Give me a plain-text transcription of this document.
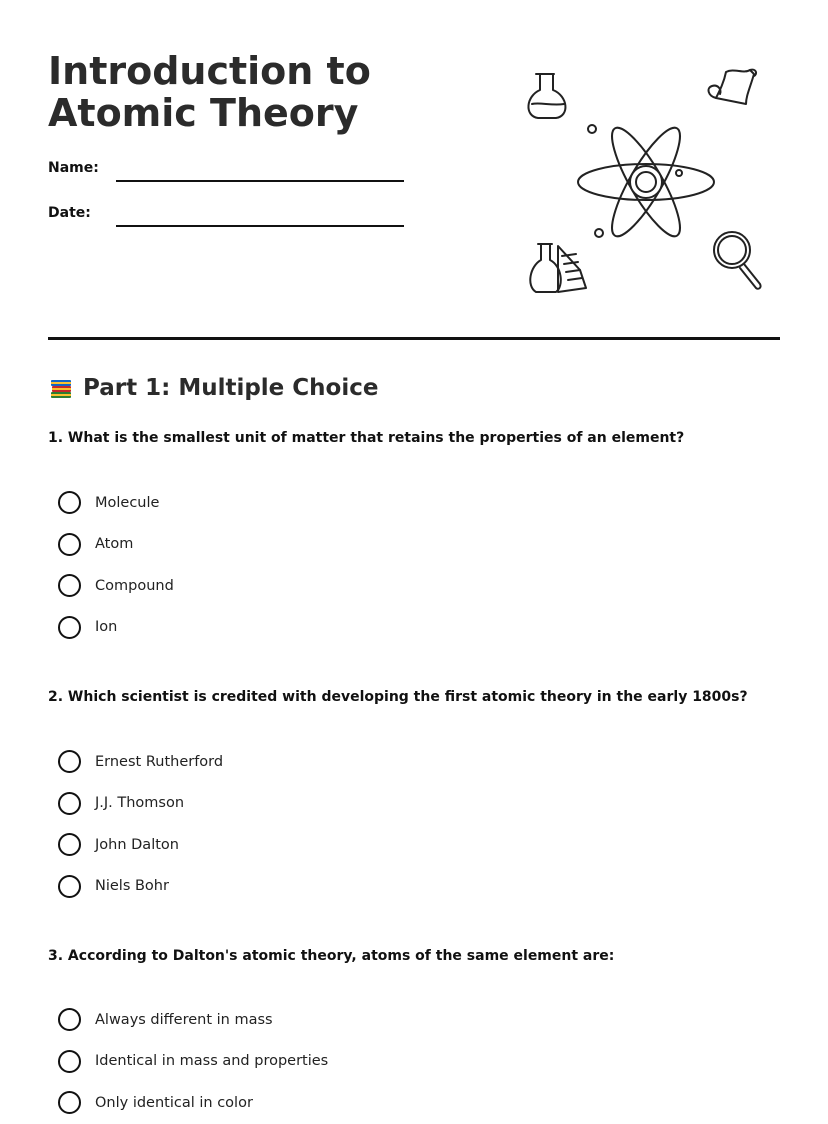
Introduction to Atomic Theory
Name:
Date:
Part 1: Multiple Choice

1. What is the smallest unit of matter that retains the properties of an element?

Molecule
Atom
Compound
Ion

2. Which scientist is credited with developing the first atomic theory in the early 1800s?

Ernest Rutherford
J.J. Thomson
John Dalton
Niels Bohr

3. According to Dalton's atomic theory, atoms of the same element are:

Always different in mass
Identical in mass and properties
Only identical in color
